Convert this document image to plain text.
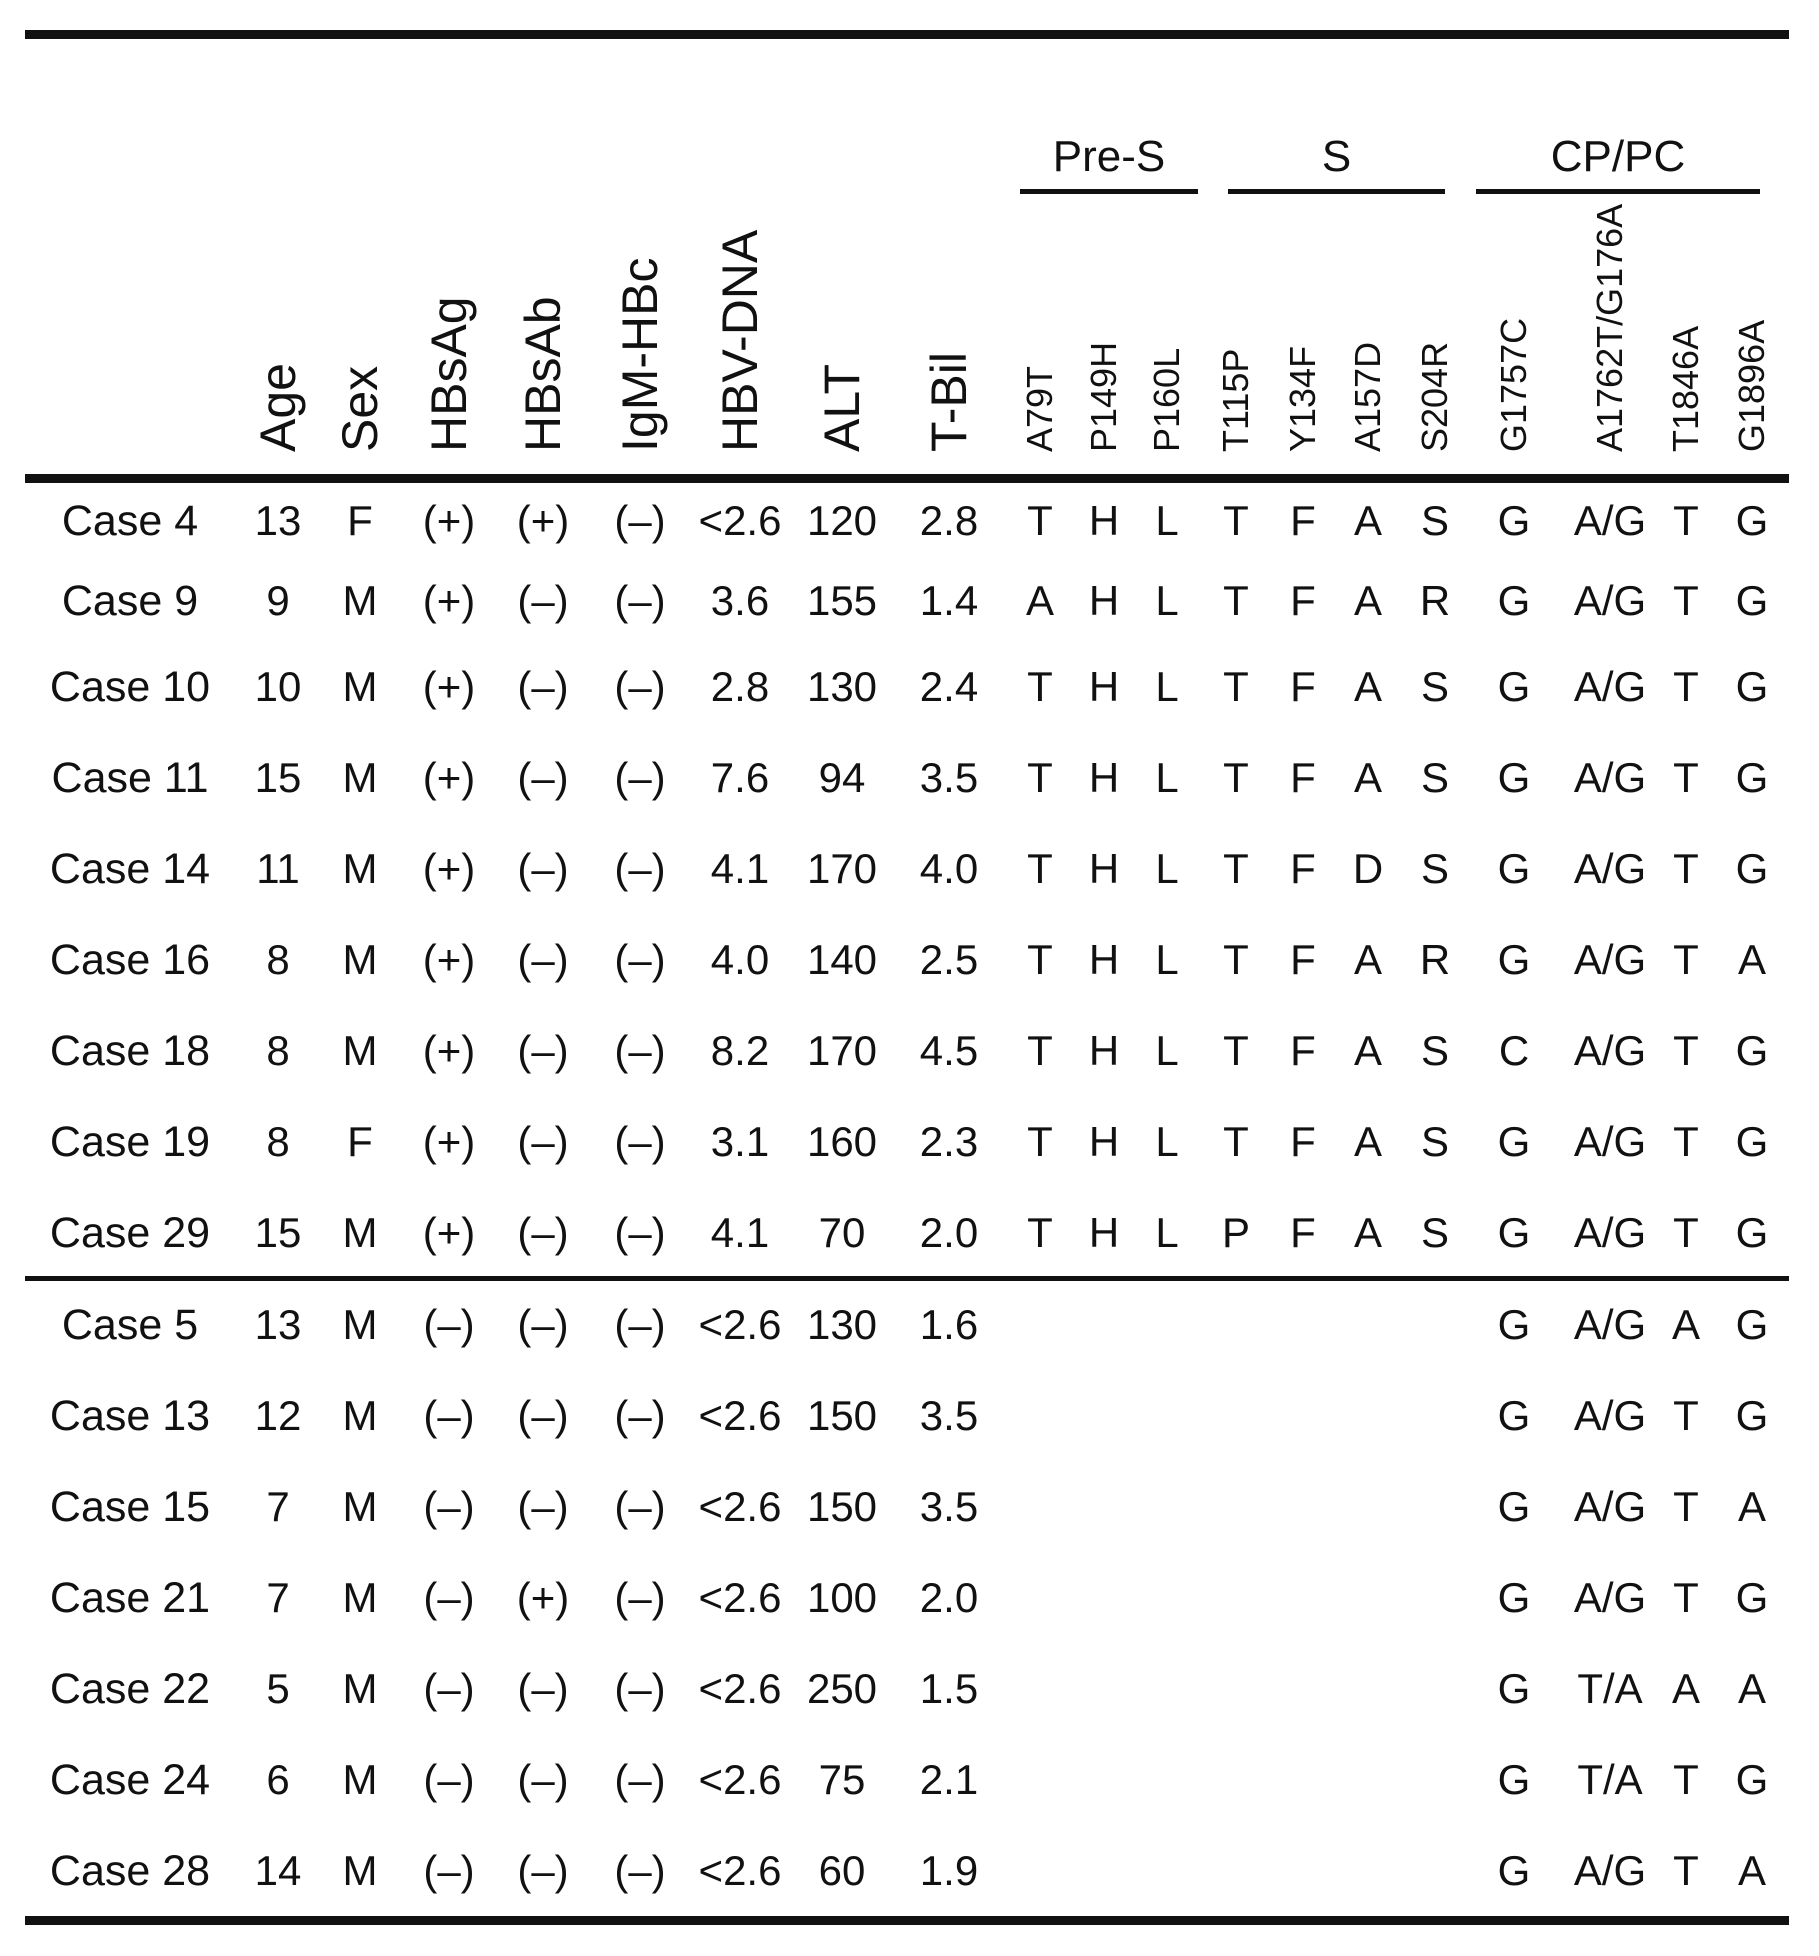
Pre-S	S	CP/PC
Age Sex HBsAg HBsAb IgM-HBc HBV-DNA ALT T-Bil A79T P149H P160L T115P Y134F A157D S204R G1757C A1762T/G176A T1846A G1896A
Case 4 13 F (+) (+) (–) <2.6 120 2.8 T H L T F A S G A/G T G
Case 9 9 M (+) (–) (–) 3.6 155 1.4 A H L T F A R G A/G T G
Case 10 10 M (+) (–) (–) 2.8 130 2.4 T H L T F A S G A/G T G
Case 11 15 M (+) (–) (–) 7.6 94 3.5 T H L T F A S G A/G T G
Case 14 11 M (+) (–) (–) 4.1 170 4.0 T H L T F D S G A/G T G
Case 16 8 M (+) (–) (–) 4.0 140 2.5 T H L T F A R G A/G T A
Case 18 8 M (+) (–) (–) 8.2 170 4.5 T H L T F A S C A/G T G
Case 19 8 F (+) (–) (–) 3.1 160 2.3 T H L T F A S G A/G T G
Case 29 15 M (+) (–) (–) 4.1 70 2.0 T H L P F A S G A/G T G
Case 5 13 M (–) (–) (–) <2.6 130 1.6	G A/G A G
Case 13 12 M (–) (–) (–) <2.6 150 3.5	G A/G T G
Case 15 7 M (–) (–) (–) <2.6 150 3.5	G A/G T A
Case 21 7 M (–) (+) (–) <2.6 100 2.0	G A/G T G
Case 22 5 M (–) (–) (–) <2.6 250 1.5	G T/A A A
Case 24 6 M (–) (–) (–) <2.6 75 2.1	G T/A T G
Case 28 14 M (–) (–) (–) <2.6 60 1.9	G A/G T A
